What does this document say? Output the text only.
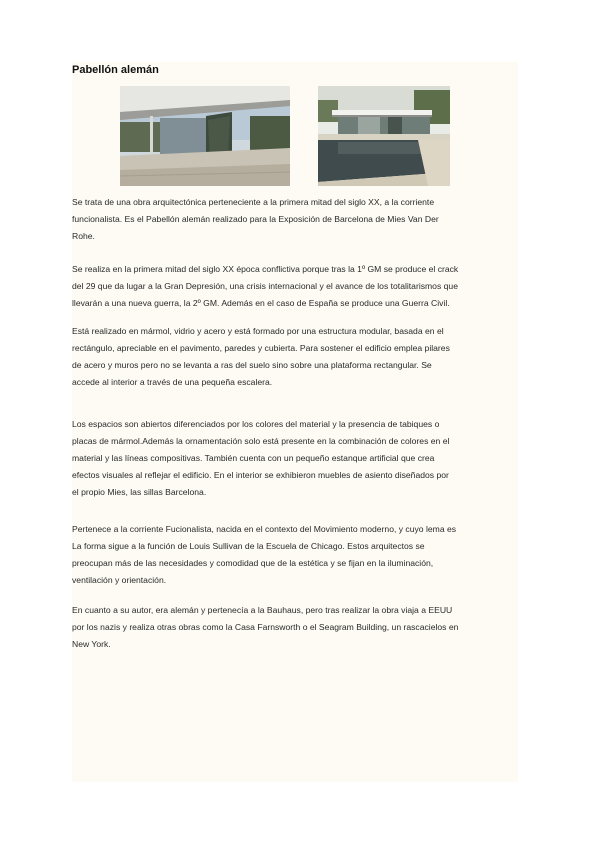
Pabellón alemán
Se trata de una obra arquitectónica perteneciente a la primera mitad del siglo XX, a la corriente
funcionalista. Es el Pabellón alemán realizado para la Exposición de Barcelona de Mies Van Der
Rohe.
Se realiza en la primera mitad del siglo XX época conflictiva porque tras la 1º GM se produce el crack
del 29 que da lugar a la Gran Depresión, una crisis internacional y el avance de los totalitarismos que
llevarán a una nueva guerra, la 2º GM. Además en el caso de España se produce una Guerra Civil.
Está realizado en mármol, vidrio y acero y está formado por una estructura modular, basada en el
rectángulo, apreciable en el pavimento, paredes y cubierta. Para sostener el edificio emplea pilares
de acero y muros pero no se levanta a ras del suelo sino sobre una plataforma rectangular. Se
accede al interior a través de una pequeña escalera.
Los espacios son abiertos diferenciados por los colores del material y la presencia de tabiques o
placas de mármol.Además la ornamentación solo está presente en la combinación de colores en el
material y las líneas compositivas. También cuenta con un pequeño estanque artificial que crea
efectos visuales al reflejar el edificio. En el interior se exhibieron muebles de asiento diseñados por
el propio Mies, las sillas Barcelona.
Pertenece a la corriente Fucionalista, nacida en el contexto del Movimiento moderno, y cuyo lema es
La forma sigue a la función de Louis Sullivan de la Escuela de Chicago. Estos arquitectos se
preocupan más de las necesidades y comodidad que de la estética y se fijan en la iluminación,
ventilación y orientación.
En cuanto a su autor, era alemán y pertenecía a la Bauhaus, pero tras realizar la obra viaja a EEUU
por los nazis y realiza otras obras como la Casa Farnsworth o el Seagram Building, un rascacielos en
New York.
